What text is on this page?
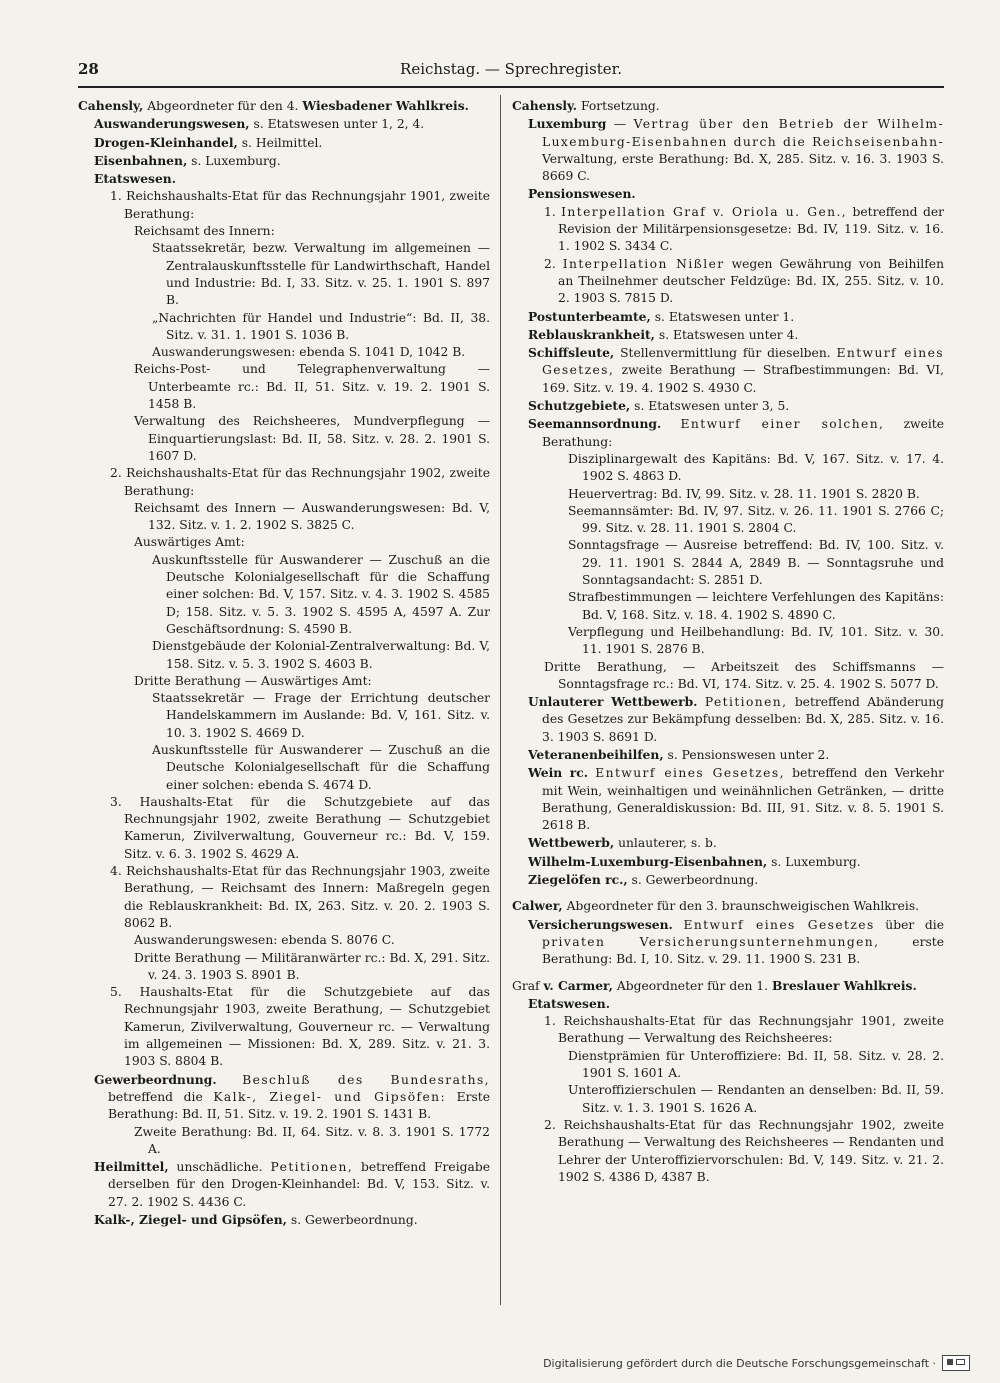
28	Reichstag. — Sprechregister.

Cahensly, Abgeordneter für den 4. Wiesbadener Wahlkreis.

Auswanderungswesen, s. Etatswesen unter 1, 2, 4.

Drogen-Kleinhandel, s. Heilmittel.

Eisenbahnen, s. Luxemburg.

Etatswesen.

1. Reichshaushalts-Etat für das Rechnungsjahr 1901, zweite Berathung:

Reichsamt des Innern:

Staatssekretär, bezw. Verwaltung im allgemeinen — Zentralauskunftsstelle für Landwirthschaft, Handel und Industrie: Bd. I, 33. Sitz. v. 25. 1. 1901 S. 897 B.

„Nachrichten für Handel und Industrie“: Bd. II, 38. Sitz. v. 31. 1. 1901 S. 1036 B.

Auswanderungswesen: ebenda S. 1041 D, 1042 B.

Reichs-Post- und Telegraphenverwaltung — Unterbeamte rc.: Bd. II, 51. Sitz. v. 19. 2. 1901 S. 1458 B.

Verwaltung des Reichsheeres, Mundverpflegung — Einquartierungslast: Bd. II, 58. Sitz. v. 28. 2. 1901 S. 1607 D.

2. Reichshaushalts-Etat für das Rechnungsjahr 1902, zweite Berathung:

Reichsamt des Innern — Auswanderungswesen: Bd. V, 132. Sitz. v. 1. 2. 1902 S. 3825 C.

Auswärtiges Amt:

Auskunftsstelle für Auswanderer — Zuschuß an die Deutsche Kolonialgesellschaft für die Schaffung einer solchen: Bd. V, 157. Sitz. v. 4. 3. 1902 S. 4585 D; 158. Sitz. v. 5. 3. 1902 S. 4595 A, 4597 A. Zur Geschäftsordnung: S. 4590 B.

Dienstgebäude der Kolonial-Zentralverwaltung: Bd. V, 158. Sitz. v. 5. 3. 1902 S. 4603 B.

Dritte Berathung — Auswärtiges Amt:

Staatssekretär — Frage der Errichtung deutscher Handelskammern im Auslande: Bd. V, 161. Sitz. v. 10. 3. 1902 S. 4669 D.

Auskunftsstelle für Auswanderer — Zuschuß an die Deutsche Kolonialgesellschaft für die Schaffung einer solchen: ebenda S. 4674 D.

3. Haushalts-Etat für die Schutzgebiete auf das Rechnungsjahr 1902, zweite Berathung — Schutzgebiet Kamerun, Zivilverwaltung, Gouverneur rc.: Bd. V, 159. Sitz. v. 6. 3. 1902 S. 4629 A.

4. Reichshaushalts-Etat für das Rechnungsjahr 1903, zweite Berathung, — Reichsamt des Innern: Maßregeln gegen die Reblauskrankheit: Bd. IX, 263. Sitz. v. 20. 2. 1903 S. 8062 B.

Auswanderungswesen: ebenda S. 8076 C.

Dritte Berathung — Militäranwärter rc.: Bd. X, 291. Sitz. v. 24. 3. 1903 S. 8901 B.

5. Haushalts-Etat für die Schutzgebiete auf das Rechnungsjahr 1903, zweite Berathung, — Schutzgebiet Kamerun, Zivilverwaltung, Gouverneur rc. — Verwaltung im allgemeinen — Missionen: Bd. X, 289. Sitz. v. 21. 3. 1903 S. 8804 B.

Gewerbeordnung. Beschluß des Bundesraths, betreffend die Kalk-, Ziegel- und Gipsöfen: Erste Berathung: Bd. II, 51. Sitz. v. 19. 2. 1901 S. 1431 B.

Zweite Berathung: Bd. II, 64. Sitz. v. 8. 3. 1901 S. 1772 A.

Heilmittel, unschädliche. Petitionen, betreffend Freigabe derselben für den Drogen-Kleinhandel: Bd. V, 153. Sitz. v. 27. 2. 1902 S. 4436 C.

Kalk-, Ziegel- und Gipsöfen, s. Gewerbeordnung.

Cahensly. Fortsetzung.

Luxemburg — Vertrag über den Betrieb der Wilhelm-Luxemburg-Eisenbahnen durch die Reichseisenbahn-Verwaltung, erste Berathung: Bd. X, 285. Sitz. v. 16. 3. 1903 S. 8669 C.

Pensionswesen.

1. Interpellation Graf v. Oriola u. Gen., betreffend der Revision der Militärpensionsgesetze: Bd. IV, 119. Sitz. v. 16. 1. 1902 S. 3434 C.

2. Interpellation Nißler wegen Gewährung von Beihilfen an Theilnehmer deutscher Feldzüge: Bd. IX, 255. Sitz. v. 10. 2. 1903 S. 7815 D.

Postunterbeamte, s. Etatswesen unter 1.

Reblauskrankheit, s. Etatswesen unter 4.

Schiffsleute, Stellenvermittlung für dieselben. Entwurf eines Gesetzes, zweite Berathung — Strafbestimmungen: Bd. VI, 169. Sitz. v. 19. 4. 1902 S. 4930 C.

Schutzgebiete, s. Etatswesen unter 3, 5.

Seemannsordnung. Entwurf einer solchen, zweite Berathung:

Disziplinargewalt des Kapitäns: Bd. V, 167. Sitz. v. 17. 4. 1902 S. 4863 D.

Heuervertrag: Bd. IV, 99. Sitz. v. 28. 11. 1901 S. 2820 B.

Seemannsämter: Bd. IV, 97. Sitz. v. 26. 11. 1901 S. 2766 C; 99. Sitz. v. 28. 11. 1901 S. 2804 C.

Sonntagsfrage — Ausreise betreffend: Bd. IV, 100. Sitz. v. 29. 11. 1901 S. 2844 A, 2849 B. — Sonntagsruhe und Sonntagsandacht: S. 2851 D.

Strafbestimmungen — leichtere Verfehlungen des Kapitäns: Bd. V, 168. Sitz. v. 18. 4. 1902 S. 4890 C.

Verpflegung und Heilbehandlung: Bd. IV, 101. Sitz. v. 30. 11. 1901 S. 2876 B.

Dritte Berathung, — Arbeitszeit des Schiffsmanns — Sonntagsfrage rc.: Bd. VI, 174. Sitz. v. 25. 4. 1902 S. 5077 D.

Unlauterer Wettbewerb. Petitionen, betreffend Abänderung des Gesetzes zur Bekämpfung desselben: Bd. X, 285. Sitz. v. 16. 3. 1903 S. 8691 D.

Veteranenbeihilfen, s. Pensionswesen unter 2.

Wein rc. Entwurf eines Gesetzes, betreffend den Verkehr mit Wein, weinhaltigen und weinähnlichen Getränken, — dritte Berathung, Generaldiskussion: Bd. III, 91. Sitz. v. 8. 5. 1901 S. 2618 B.

Wettbewerb, unlauterer, s. b.

Wilhelm-Luxemburg-Eisenbahnen, s. Luxemburg.

Ziegelöfen rc., s. Gewerbeordnung.

Calwer, Abgeordneter für den 3. braunschweigischen Wahlkreis.

Versicherungswesen. Entwurf eines Gesetzes über die privaten Versicherungsunternehmungen, erste Berathung: Bd. I, 10. Sitz. v. 29. 11. 1900 S. 231 B.

Graf v. Carmer, Abgeordneter für den 1. Breslauer Wahlkreis.

Etatswesen.

1. Reichshaushalts-Etat für das Rechnungsjahr 1901, zweite Berathung — Verwaltung des Reichsheeres:

Dienstprämien für Unteroffiziere: Bd. II, 58. Sitz. v. 28. 2. 1901 S. 1601 A.

Unteroffizierschulen — Rendanten an denselben: Bd. II, 59. Sitz. v. 1. 3. 1901 S. 1626 A.

2. Reichshaushalts-Etat für das Rechnungsjahr 1902, zweite Berathung — Verwaltung des Reichsheeres — Rendanten und Lehrer der Unteroffiziervorschulen: Bd. V, 149. Sitz. v. 21. 2. 1902 S. 4386 D, 4387 B.

Digitalisierung gefördert durch die Deutsche Forschungsgemeinschaft ·
